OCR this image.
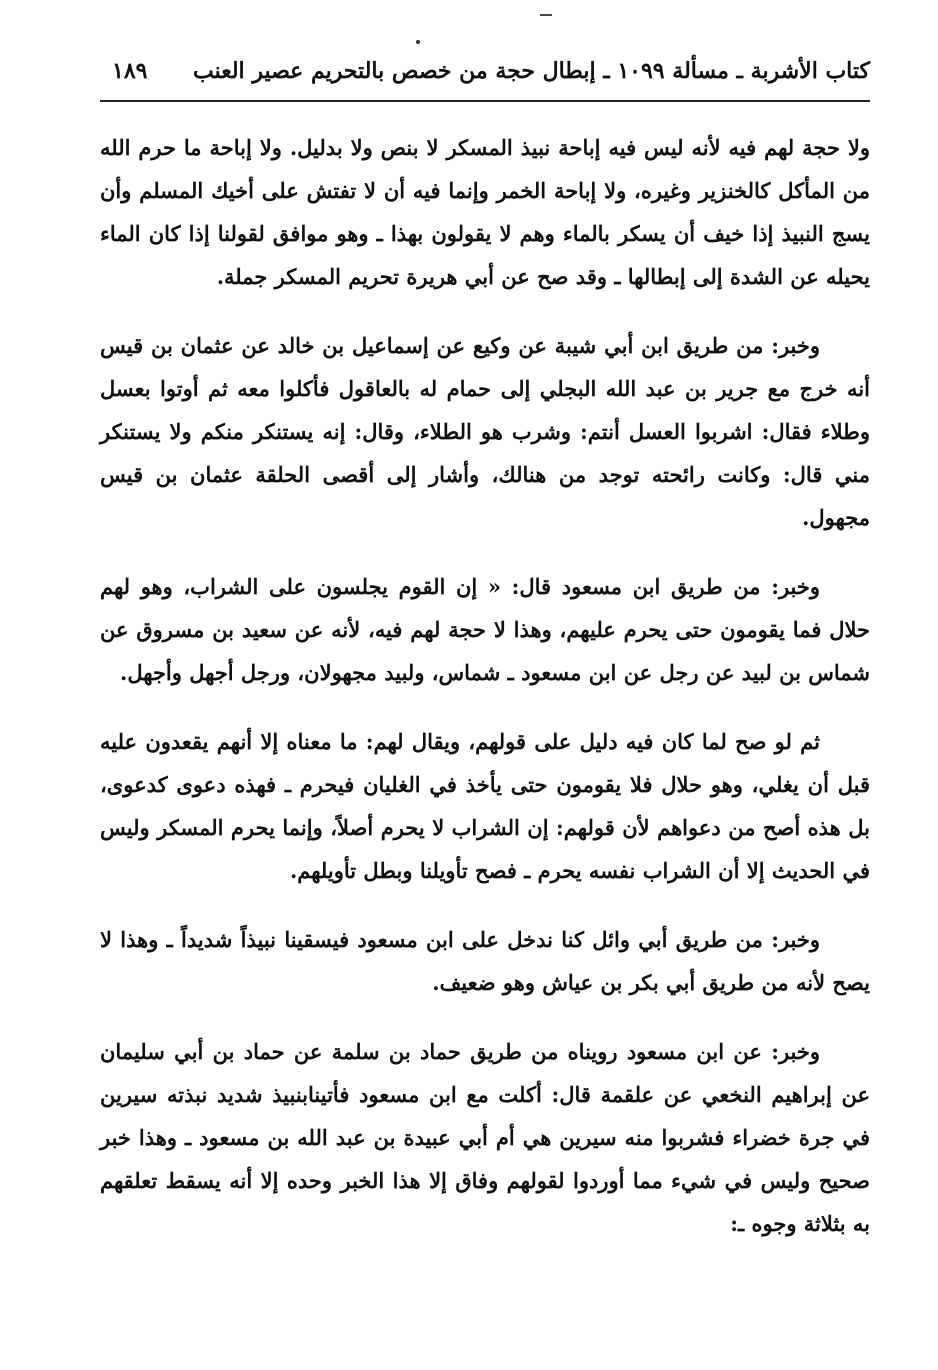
كتاب الأشربة ـ مسألة ١٠٩٩ ـ إبطال حجة من خصص بالتحريم عصير العنب
١٨٩

ولا حجة لهم فيه لأنه ليس فيه إباحة نبيذ المسكر لا بنص ولا بدليل. ولا إباحة ما حرم الله من المأكل كالخنزير وغيره، ولا إباحة الخمر وإنما فيه أن لا تفتش على أخيك المسلم وأن يسج النبيذ إذا خيف أن يسكر بالماء وهم لا يقولون بهذا ـ وهو موافق لقولنا إذا كان الماء يحيله عن الشدة إلى إبطالها ـ وقد صح عن أبي هريرة تحريم المسكر جملة.

وخبر: من طريق ابن أبي شيبة عن وكيع عن إسماعيل بن خالد عن عثمان بن قيس أنه خرج مع جرير بن عبد الله البجلي إلى حمام له بالعاقول فأكلوا معه ثم أوتوا بعسل وطلاء فقال: اشربوا العسل أنتم: وشرب هو الطلاء، وقال: إنه يستنكر منكم ولا يستنكر مني قال: وكانت رائحته توجد من هنالك، وأشار إلى أقصى الحلقة عثمان بن قيس مجهول.

وخبر: من طريق ابن مسعود قال: « إن القوم يجلسون على الشراب، وهو لهم حلال فما يقومون حتى يحرم عليهم، وهذا لا حجة لهم فيه، لأنه عن سعيد بن مسروق عن شماس بن لبيد عن رجل عن ابن مسعود ـ شماس، ولبيد مجهولان، ورجل أجهل وأجهل.

ثم لو صح لما كان فيه دليل على قولهم، ويقال لهم: ما معناه إلا أنهم يقعدون عليه قبل أن يغلي، وهو حلال فلا يقومون حتى يأخذ في الغليان فيحرم ـ فهذه دعوى كدعوى، بل هذه أصح من دعواهم لأن قولهم: إن الشراب لا يحرم أصلاً، وإنما يحرم المسكر وليس في الحديث إلا أن الشراب نفسه يحرم ـ فصح تأويلنا وبطل تأويلهم.

وخبر: من طريق أبي وائل كنا ندخل على ابن مسعود فيسقينا نبيذاً شديداً ـ وهذا لا يصح لأنه من طريق أبي بكر بن عياش وهو ضعيف.

وخبر: عن ابن مسعود رويناه من طريق حماد بن سلمة عن حماد بن أبي سليمان عن إبراهيم النخعي عن علقمة قال: أكلت مع ابن مسعود فأتينابنبيذ شديد نبذته سيرين في جرة خضراء فشربوا منه سيرين هي أم أبي عبيدة بن عبد الله بن مسعود ـ وهذا خبر صحيح وليس في شيء مما أوردوا لقولهم وفاق إلا هذا الخبر وحده إلا أنه يسقط تعلقهم به بثلاثة وجوه ـ:
